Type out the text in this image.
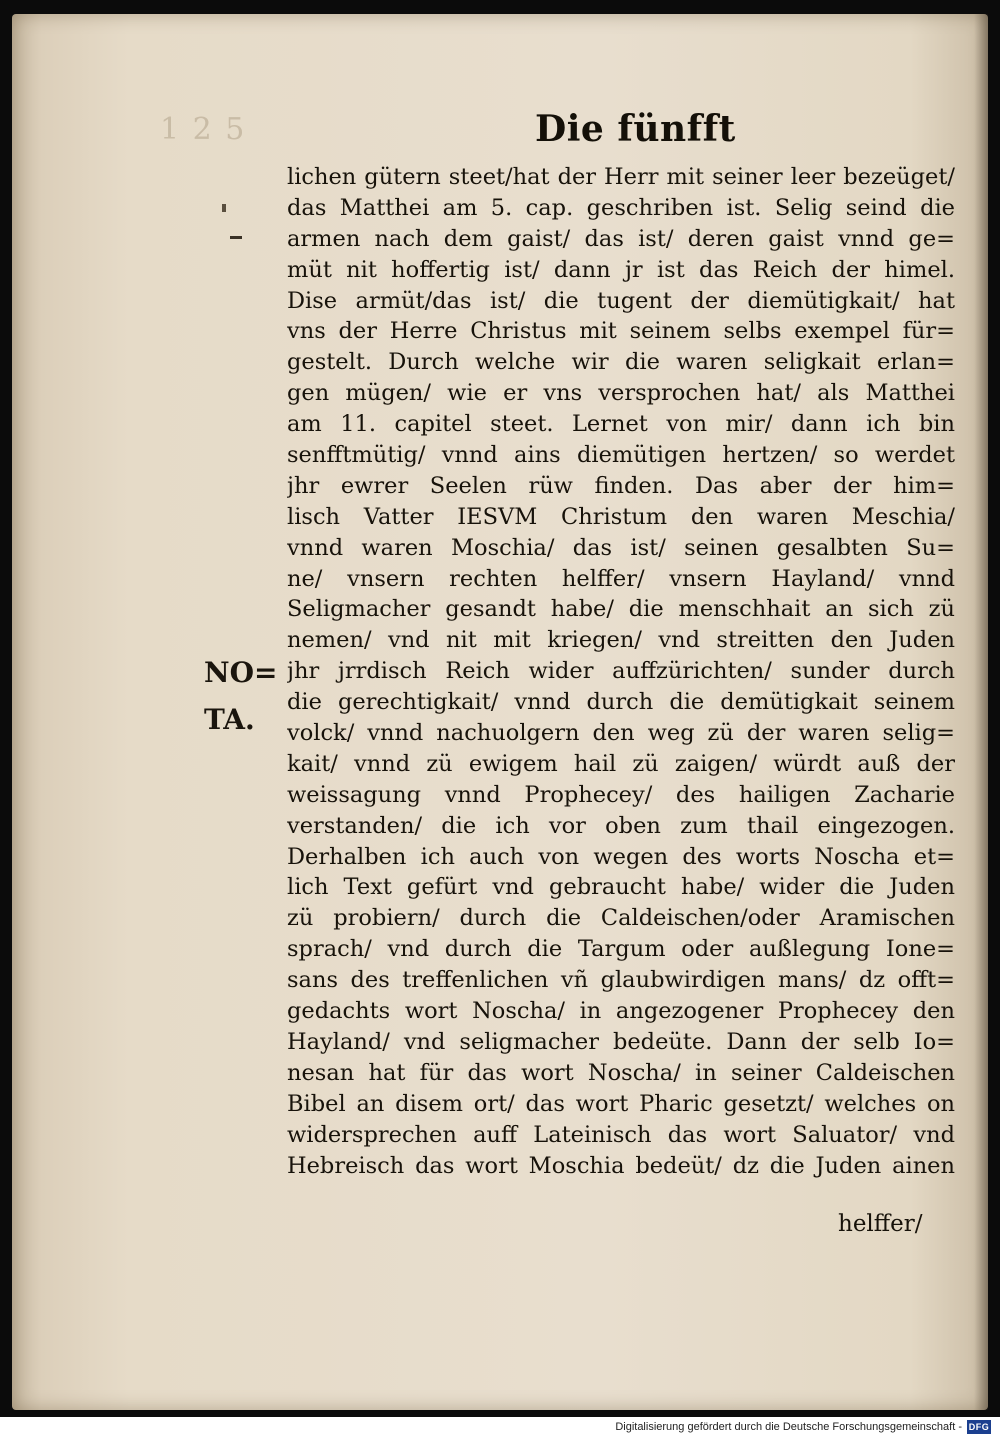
1 2 5	Die fünfft
NO=
TA.
lichen gütern steet/hat der Herr mit seiner leer bezeüget/
das Matthei am 5. cap. geschriben ist. Selig seind die
armen nach dem gaist/ das ist/ deren gaist vnnd ge=
müt nit hoffertig ist/ dann jr ist das Reich der himel.
Dise armüt/das ist/ die tugent der diemütigkait/ hat
vns der Herre Christus mit seinem selbs exempel für=
gestelt. Durch welche wir die waren seligkait erlan=
gen mügen/ wie er vns versprochen hat/ als Matthei
am 11. capitel steet. Lernet von mir/ dann ich bin
senfftmütig/ vnnd ains diemütigen hertzen/ so werdet
jhr ewrer Seelen rüw finden. Das aber der him=
lisch Vatter IESVM Christum den waren Meschia/
vnnd waren Moschia/ das ist/ seinen gesalbten Su=
ne/ vnsern rechten helffer/ vnsern Hayland/ vnnd
Seligmacher gesandt habe/ die menschhait an sich zü
nemen/ vnd nit mit kriegen/ vnd streitten den Juden
jhr jrrdisch Reich wider auffzürichten/ sunder durch
die gerechtigkait/ vnnd durch die demütigkait seinem
volck/ vnnd nachuolgern den weg zü der waren selig=
kait/ vnnd zü ewigem hail zü zaigen/ würdt auß der
weissagung vnnd Prophecey/ des hailigen Zacharie
verstanden/ die ich vor oben zum thail eingezogen.
Derhalben ich auch von wegen des worts Noscha et=
lich Text gefürt vnd gebraucht habe/ wider die Juden
zü probiern/ durch die Caldeischen/oder Aramischen
sprach/ vnd durch die Targum oder außlegung Ione=
sans des treffenlichen vñ glaubwirdigen mans/ dz offt=
gedachts wort Noscha/ in angezogener Prophecey den
Hayland/ vnd seligmacher bedeüte. Dann der selb Io=
nesan hat für das wort Noscha/ in seiner Caldeischen
Bibel an disem ort/ das wort Pharic gesetzt/ welches on
widersprechen auff Lateinisch das wort Saluator/ vnd
Hebreisch das wort Moschia bedeüt/ dz die Juden ainen
helffer/
Digitalisierung gefördert durch die Deutsche Forschungsgemeinschaft - DFG
